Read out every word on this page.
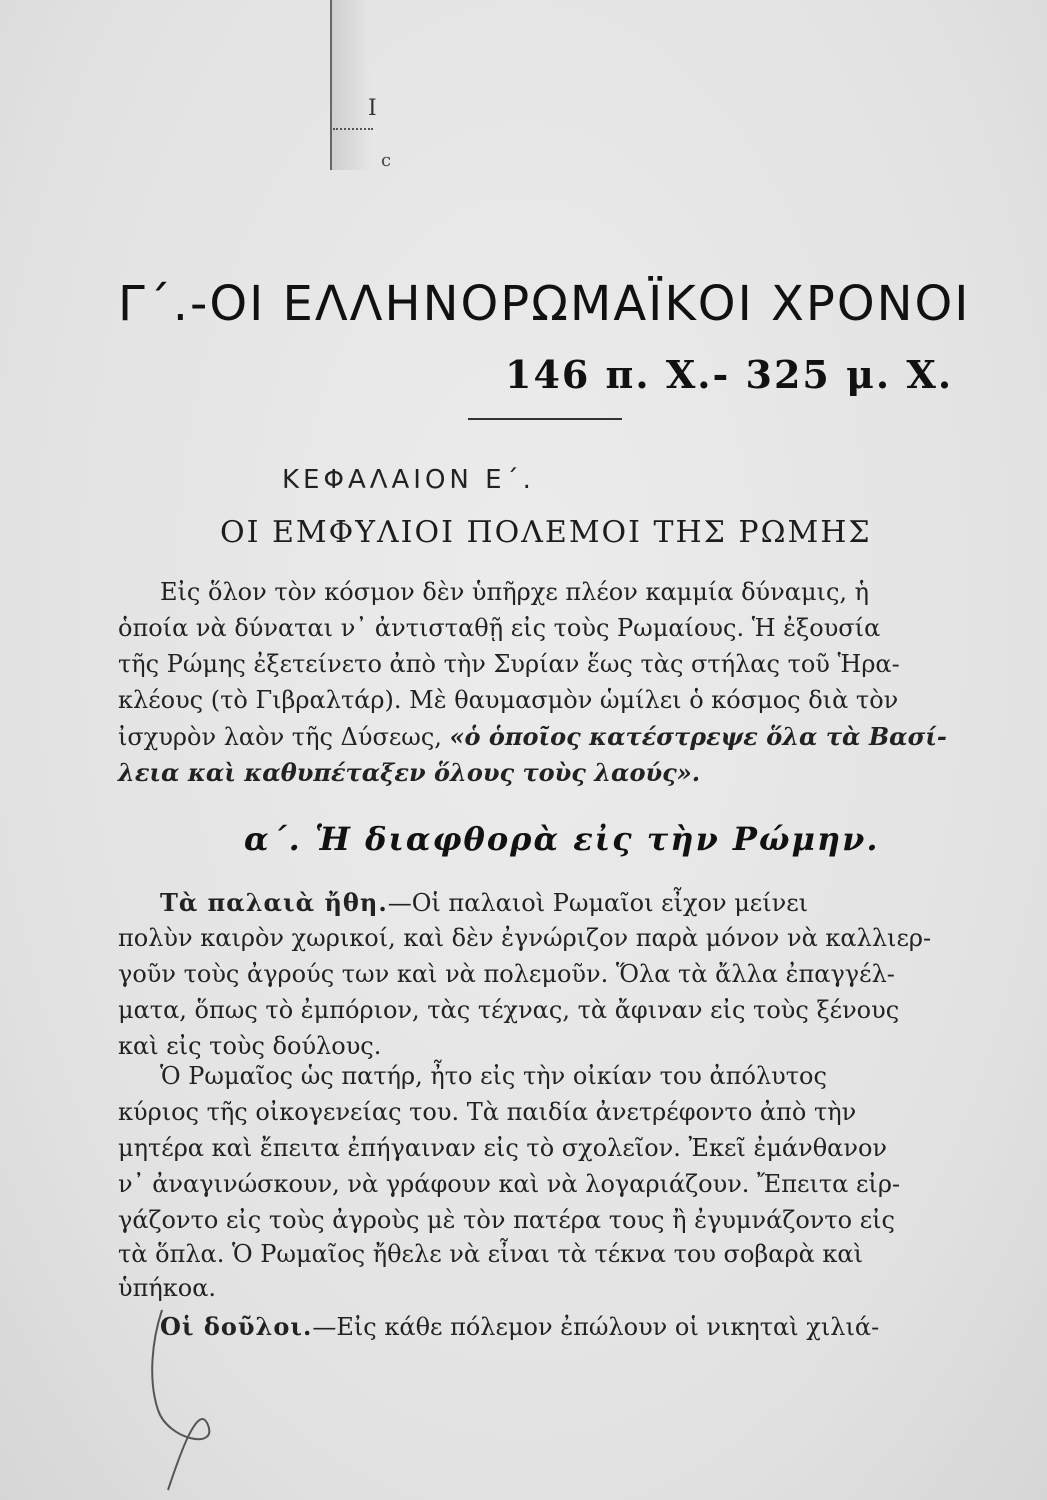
Ι
c
Γ΄.-ΟΙ ΕΛΛΗΝΟΡΩΜΑΪΚΟΙ ΧΡΟΝΟΙ
146 π. Χ.- 325 μ. Χ.
ΚΕΦΑΛΑΙΟΝ Ε΄.
ΟΙ ΕΜΦΥΛΙΟΙ ΠΟΛΕΜΟΙ ΤΗΣ ΡΩΜΗΣ
Εἰς ὅλον τὸν κόσμον δὲν ὑπῆρχε πλέον καμμία δύναμις, ἡ
ὁποία νὰ δύναται ν᾽ ἀντισταθῇ εἰς τοὺς Ρωμαίους. Ἡ ἐξουσία
τῆς Ρώμης ἐξετείνετο ἀπὸ τὴν Συρίαν ἕως τὰς στήλας τοῦ Ἡρα-
κλέους (τὸ Γιβραλτάρ). Μὲ θαυμασμὸν ὡμίλει ὁ κόσμος διὰ τὸν
ἰσχυρὸν λαὸν τῆς Δύσεως, «ὁ ὁποῖος κατέστρεψε ὅλα τὰ Βασί-
λεια καὶ καθυπέταξεν ὅλους τοὺς λαούς».
α΄. Ἡ διαφθορὰ εἰς τὴν Ρώμην.
Τὰ παλαιὰ ἤθη.—Οἱ παλαιοὶ Ρωμαῖοι εἶχον μείνει
πολὺν καιρὸν χωρικοί, καὶ δὲν ἐγνώριζον παρὰ μόνον νὰ καλλιερ-
γοῦν τοὺς ἀγρούς των καὶ νὰ πολεμοῦν. Ὅλα τὰ ἄλλα ἐπαγγέλ-
ματα, ὅπως τὸ ἐμπόριον, τὰς τέχνας, τὰ ἄφιναν εἰς τοὺς ξένους
καὶ εἰς τοὺς δούλους.
Ὁ Ρωμαῖος ὡς πατήρ, ἦτο εἰς τὴν οἰκίαν του ἀπόλυτος
κύριος τῆς οἰκογενείας του. Τὰ παιδία ἀνετρέφοντο ἀπὸ τὴν
μητέρα καὶ ἔπειτα ἐπήγαιναν εἰς τὸ σχολεῖον. Ἐκεῖ ἐμάνθανον
ν᾽ ἀναγινώσκουν, νὰ γράφουν καὶ νὰ λογαριάζουν. Ἔπειτα εἰρ-
γάζοντο εἰς τοὺς ἀγροὺς μὲ τὸν πατέρα τους ἢ ἐγυμνάζοντο εἰς
τὰ ὅπλα. Ὁ Ρωμαῖος ἤθελε νὰ εἶναι τὰ τέκνα του σοβαρὰ καὶ
ὑπήκοα.
Οἱ δοῦλοι.—Εἰς κάθε πόλεμον ἐπώλουν οἱ νικηταὶ χιλιά-
